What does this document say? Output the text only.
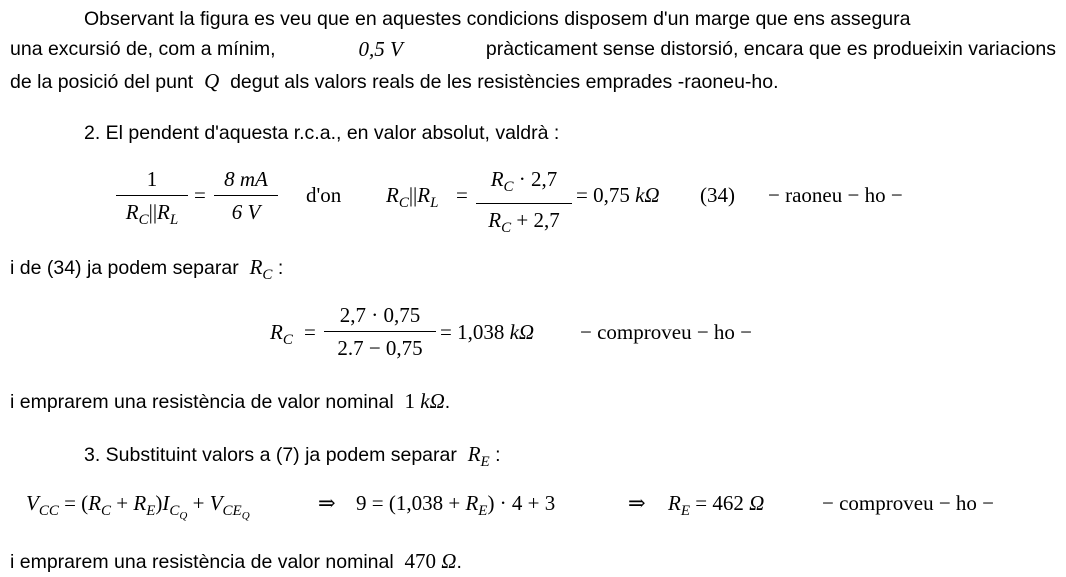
Observant la figura es veu que en aquestes condicions disposem d'un marge que ens assegura
una excursió de, com a mínim,	0,5 V	pràcticament sense distorsió, encara que es produeixin variacions
de la posició del punt Q degut als valors reals de les resistències emprades -raoneu-ho.
2. El pendent d'aquesta r.c.a., en valor absolut, valdrà :
$\frac{1}{R_C||R_L} = \frac{8 mA}{6 V} d'on$ $R_C||R_L = \frac{R_C \cdot 2,7}{R_C + 2,7} = 0,75$ kΩ (34) − raoneu − ho −
i de (34) ja podem separar $R_C$ :
$R_C = \frac{2,7 \cdot 0,75}{2.7 - 0,75} = 1,038$ kΩ − comproveu − ho −
i emprarem una resistència de valor nominal 1 kΩ.
3. Substituint valors a (7) ja podem separar $R_E$ :
$V_{CC} = (R_C + R_E)I_{C_Q} + V_{CE_Q}$
⇒ $9 = (1,038 + R_E) \cdot 4 + 3$	⇒ $R_E = 462$ Ω	− comproveu − ho −
i emprarem una resistència de valor nominal 470 Ω.
